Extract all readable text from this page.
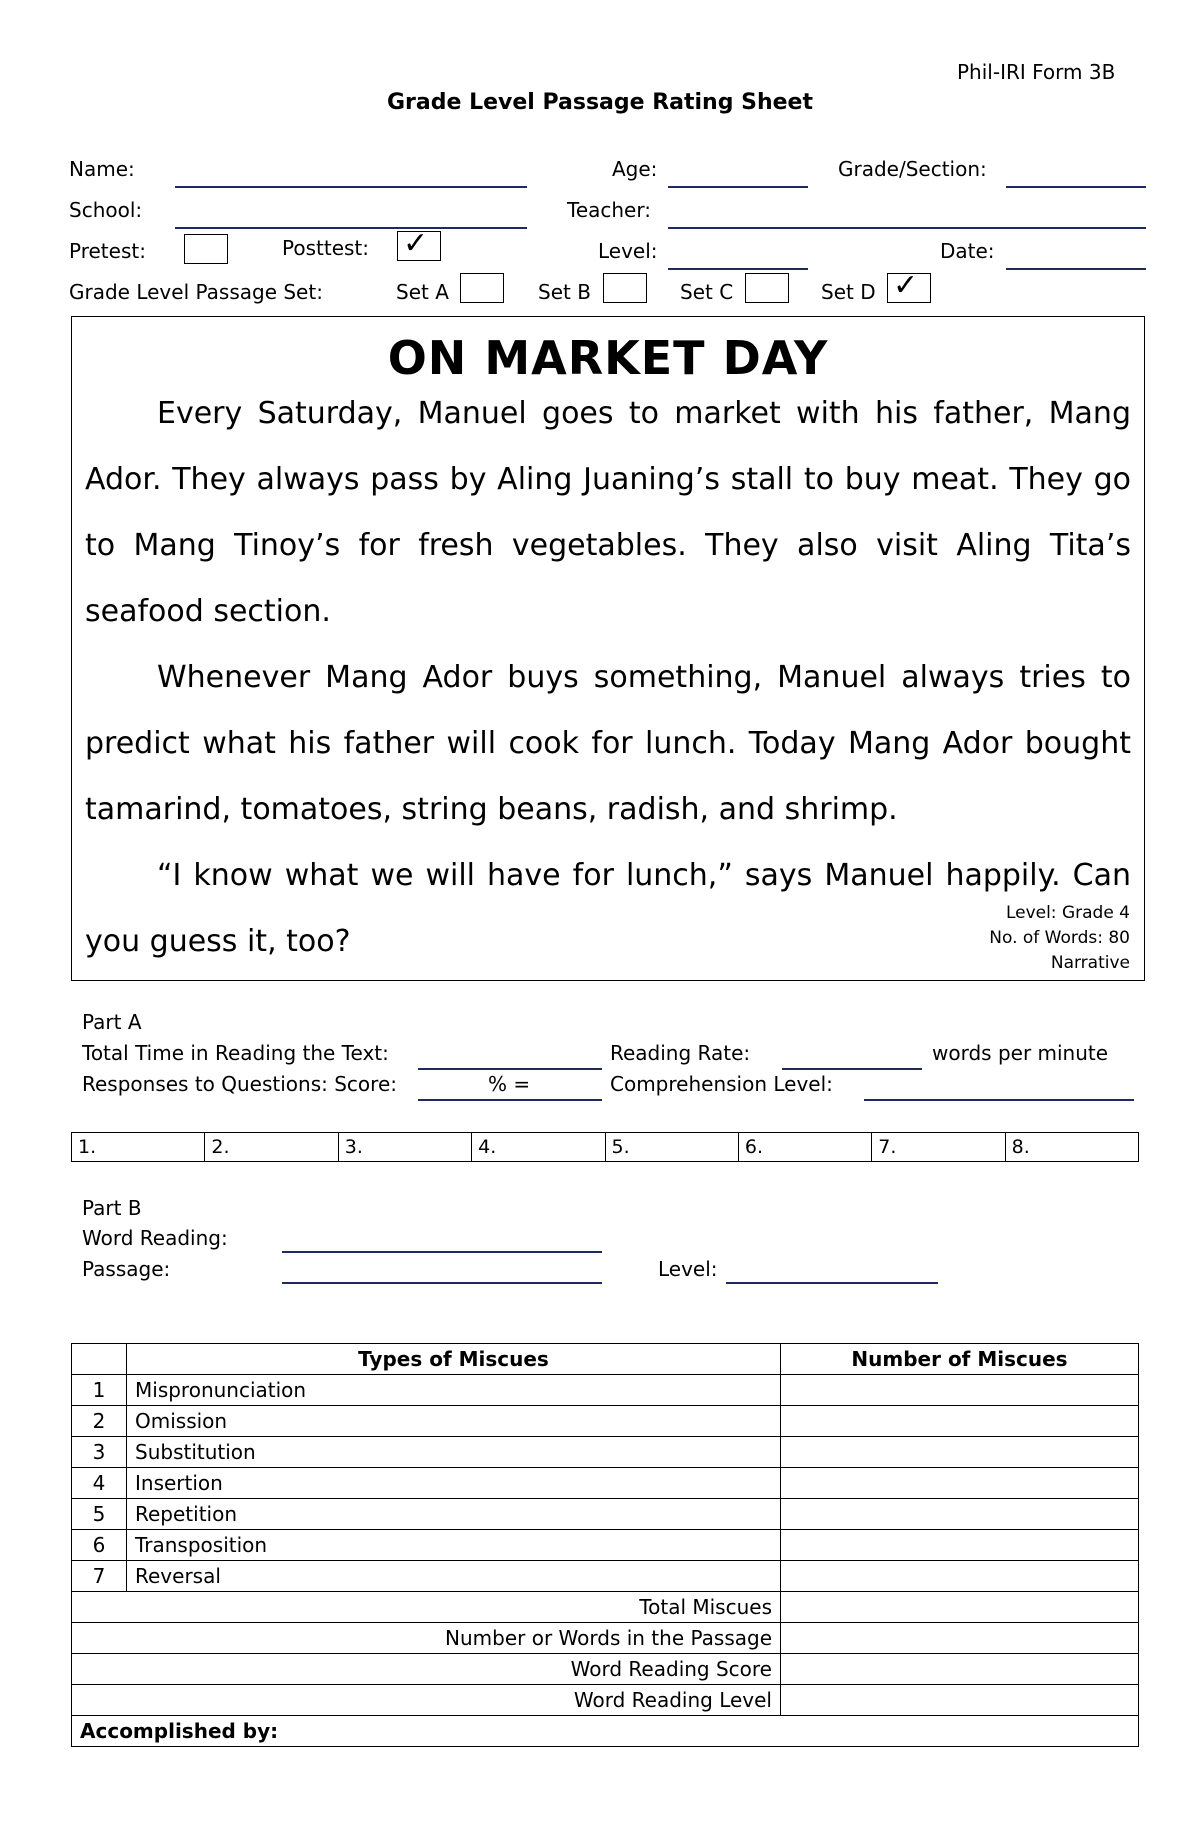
Phil-IRI Form 3B
Grade Level Passage Rating Sheet
Name:	Age:	Grade/Section:
School:	Teacher:
Pretest:	Posttest: ✓	Level:	Date:
Grade Level Passage Set:	Set A	Set B	Set C	Set D ✓
ON MARKET DAY

Every Saturday, Manuel goes to market with his father, Mang Ador. They always pass by Aling Juaning’s stall to buy meat. They go to Mang Tinoy’s for fresh vegetables. They also visit Aling Tita’s seafood section.

Whenever Mang Ador buys something, Manuel always tries to predict what his father will cook for lunch. Today Mang Ador bought tamarind, tomatoes, string beans, radish, and shrimp.

“I know what we will have for lunch,” says Manuel happily. Can you guess it, too?

Level: Grade 4
No. of Words: 80
Narrative
Part A
Total Time in Reading the Text:	Reading Rate:	words per minute
Responses to Questions: Score:	% =	Comprehension Level:
1.	2.	3.	4.	5.	6.	7.	8.
Part B
Word Reading:
Passage:	Level:
	Types of Miscues	Number of Miscues
1	Mispronunciation	
2	Omission	
3	Substitution	
4	Insertion	
5	Repetition	
6	Transposition	
7	Reversal	
Total Miscues		
Number or Words in the Passage		
Word Reading Score		
Word Reading Level		
Accomplished by:		
